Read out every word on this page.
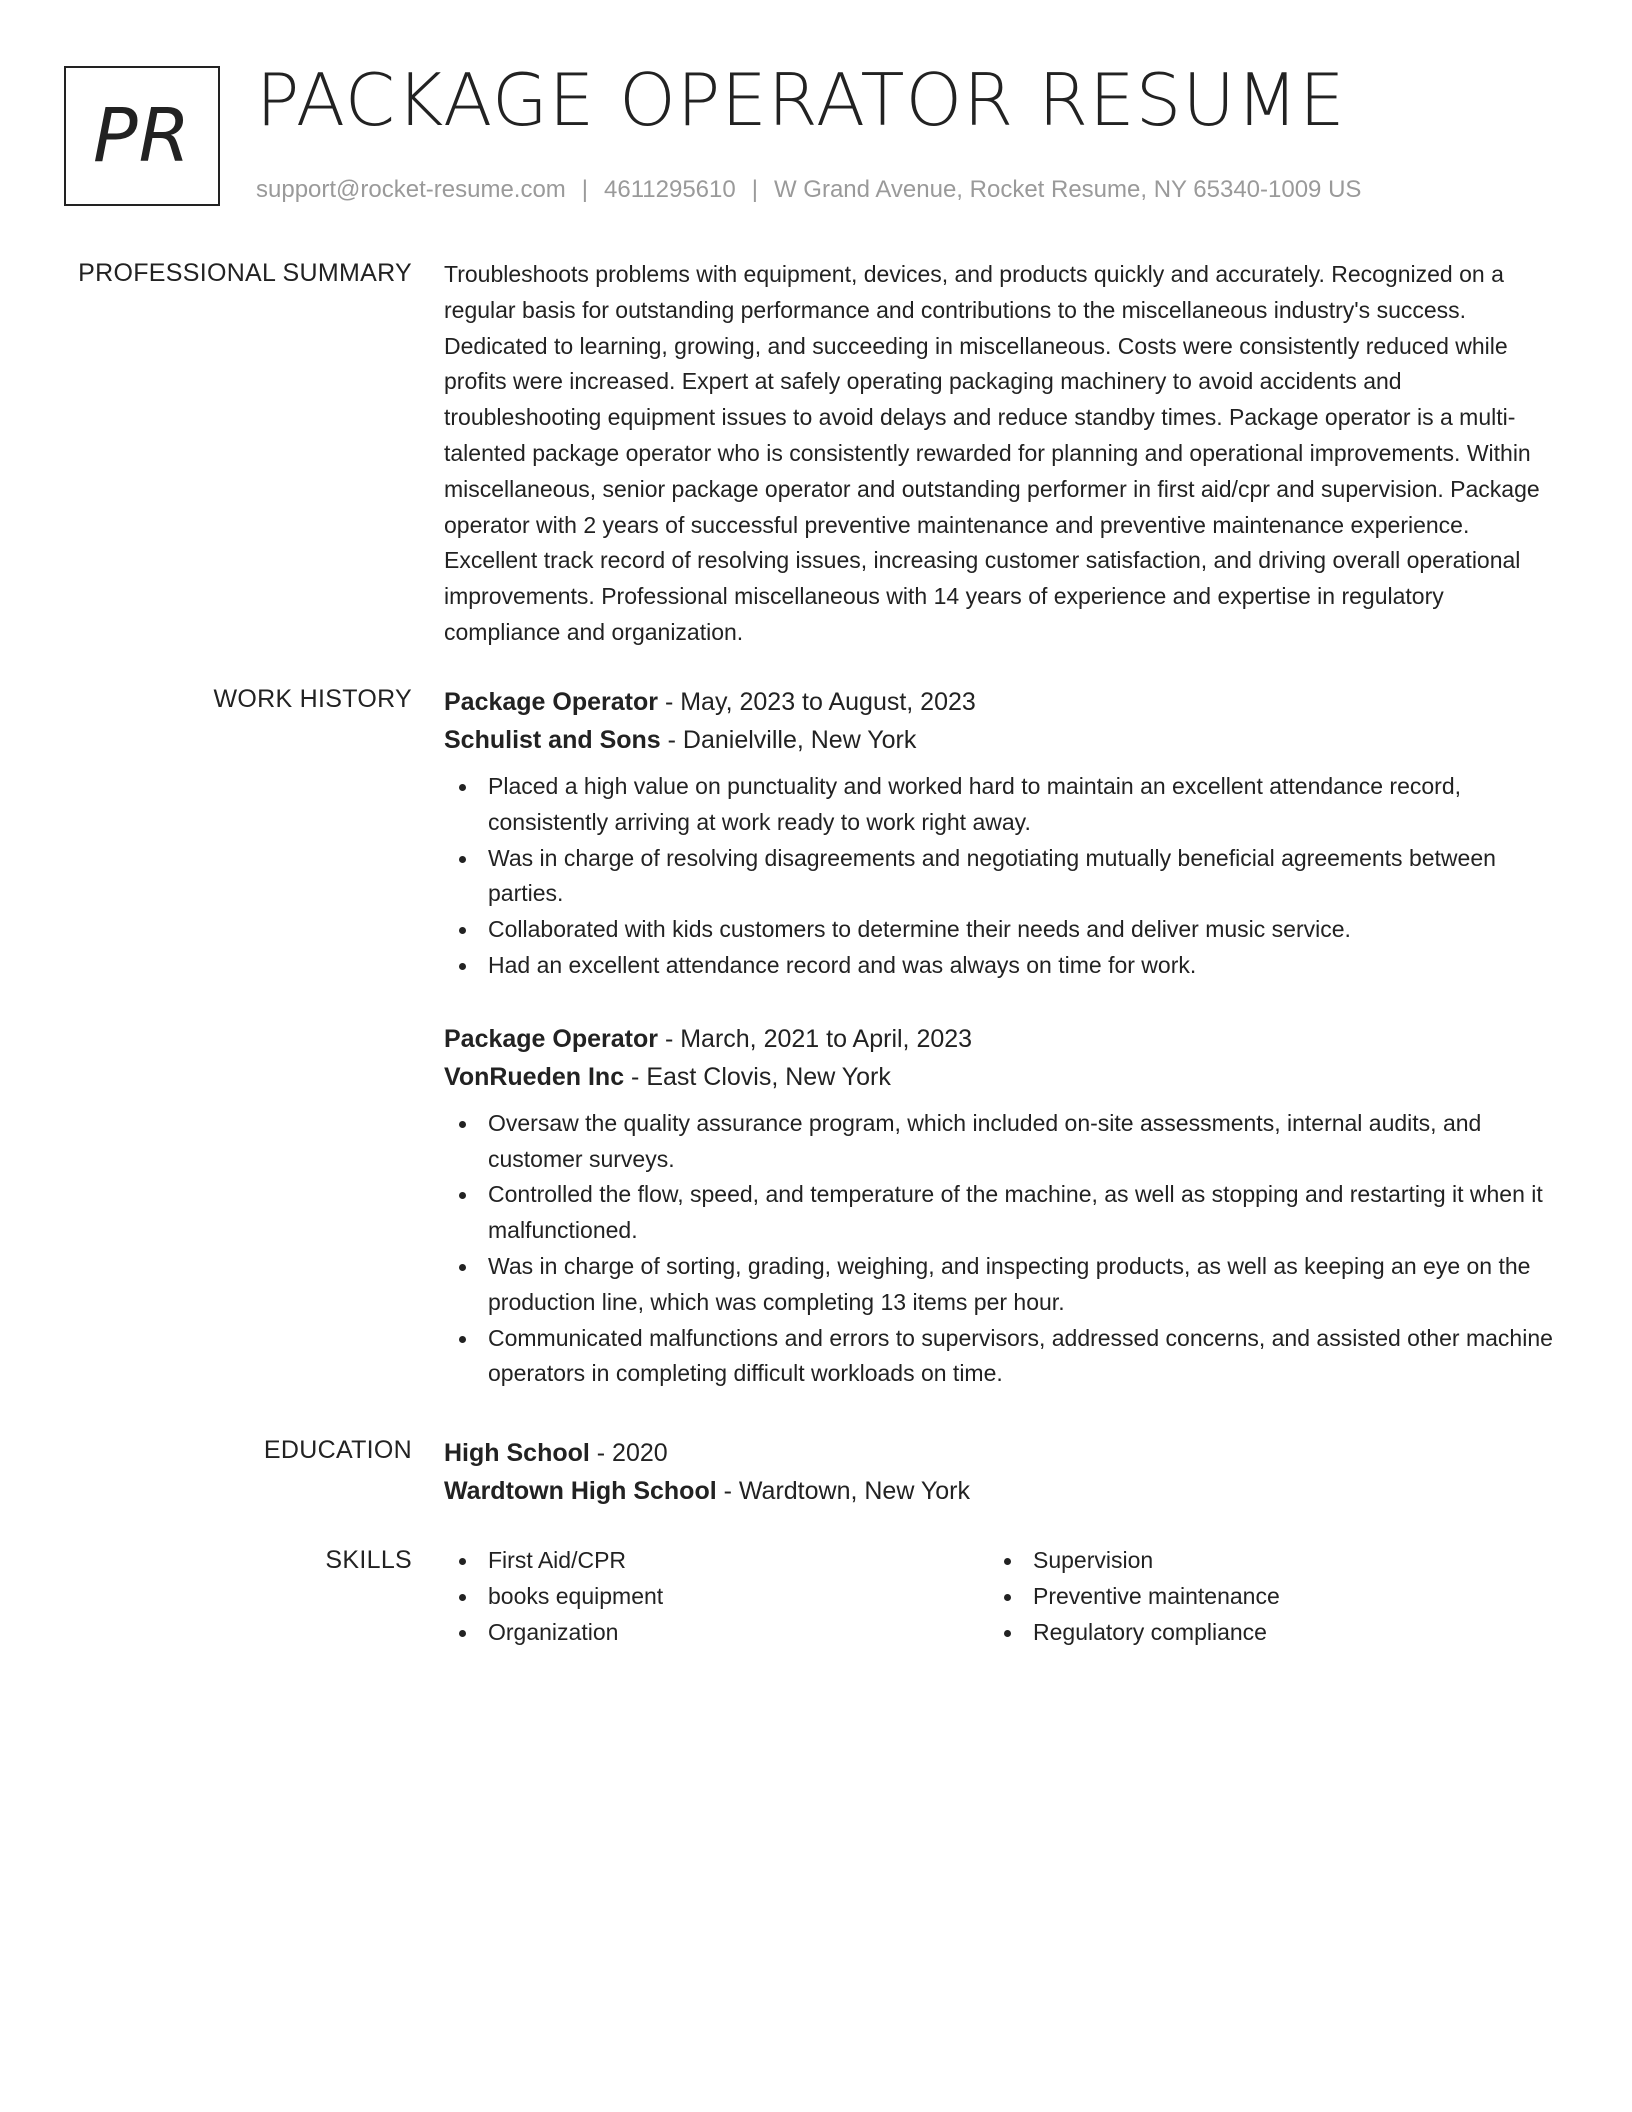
PR PACKAGE OPERATOR RESUME
support@rocket-resume.com | 4611295610 | W Grand Avenue, Rocket Resume, NY 65340-1009 US
PROFESSIONAL SUMMARY Troubleshoots problems with equipment, devices, and products quickly and accurately. Recognized on a regular basis for outstanding performance and contributions to the miscellaneous industry's success. Dedicated to learning, growing, and succeeding in miscellaneous. Costs were consistently reduced while profits were increased. Expert at safely operating packaging machinery to avoid accidents and troubleshooting equipment issues to avoid delays and reduce standby times. Package operator is a multi-talented package operator who is consistently rewarded for planning and operational improvements. Within miscellaneous, senior package operator and outstanding performer in first aid/cpr and supervision. Package operator with 2 years of successful preventive maintenance and preventive maintenance experience. Excellent track record of resolving issues, increasing customer satisfaction, and driving overall operational improvements. Professional miscellaneous with 14 years of experience and expertise in regulatory compliance and organization.

WORK HISTORY Package Operator - May, 2023 to August, 2023
Schulist and Sons - Danielville, New York
Placed a high value on punctuality and worked hard to maintain an excellent attendance record, consistently arriving at work ready to work right away.
Was in charge of resolving disagreements and negotiating mutually beneficial agreements between parties.
Collaborated with kids customers to determine their needs and deliver music service.
Had an excellent attendance record and was always on time for work.
Package Operator - March, 2021 to April, 2023
VonRueden Inc - East Clovis, New York
Oversaw the quality assurance program, which included on-site assessments, internal audits, and customer surveys.
Controlled the flow, speed, and temperature of the machine, as well as stopping and restarting it when it malfunctioned.
Was in charge of sorting, grading, weighing, and inspecting products, as well as keeping an eye on the production line, which was completing 13 items per hour.
Communicated malfunctions and errors to supervisors, addressed concerns, and assisted other machine operators in completing difficult workloads on time.
EDUCATION High School - 2020
Wardtown High School - Wardtown, New York
SKILLS	First Aid/CPR
books equipment
Organization
Supervision
Preventive maintenance
Regulatory compliance
